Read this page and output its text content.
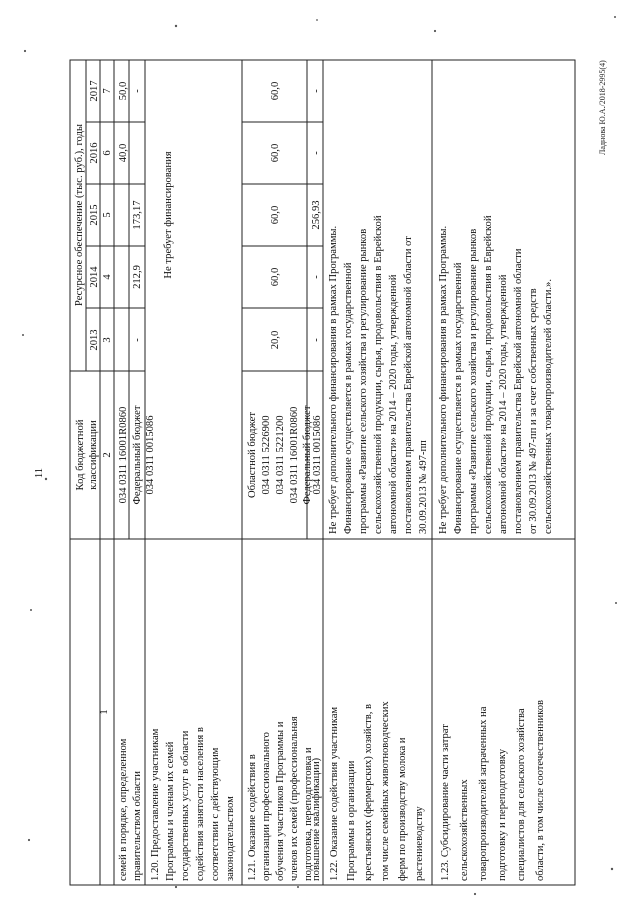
11
Ладнова Ю.А./2018-2995(4)
1
Код бюджетной классификации 2
Ресурсное обеспечение (тыс. руб.), годы
2013
2014
2015
2016
2017
3
4
5
6
7
семей в порядке, определенном правительством области
034 0311 16001R0860 Федеральный бюджет 034 0311 0015086
-
212,9
173,17
40,0
50,0 -
1.20. Предоставление участникам Программы и членам их семей государственных услуг в области содействия занятости населения в соответствии с действующим законодательством
Не требует финансирования
1.21. Оказание содействия в организации профессионального обучения участников Программы и членов их семей (профессиональная подготовка, переподготовка и
повышение квалификации)
Областной бюджет 034 0311 5226900 034 0311 5221200 034 0311 16001R0860 Федеральный бюджет 034 0311 0015086
20,0
60,0
60,0
60,0
60,0
-
-
256,93
-
-
1.22. Оказание содействия участникам Программы в организации крестьянских (фермерских) хозяйств, в том числе семейных животноводческих ферм по производству молока и растениеводству
Не требует дополнительного финансирования в рамках Программы. Финансирование осуществляется в рамках государственной программы «Развитие сельского хозяйства и регулирование рынков сельскохозяйственной продукции, сырья, продовольствия в Еврейской автономной области» на 2014 – 2020 годы, утвержденной постановлением правительства Еврейской автономной области от 30.09.2013 № 497-пп
1.23. Субсидирование части затрат сельскохозяйственных товаропроизводителей затраченных на подготовку и переподготовку специалистов для сельского хозяйства области, в том числе соотечественников
Не требует дополнительного финансирования в рамках Программы. Финансирование осуществляется в рамках государственной программы «Развитие сельского хозяйства и регулирование рынков сельскохозяйственной продукции, сырья, продовольствия в Еврейской автономной области» на 2014 – 2020 годы, утвержденной постановлением правительства Еврейской автономной области от 30.09.2013 № 497-пп и за счет собственных средств сельскохозяйственных товаропроизводителей области.».
